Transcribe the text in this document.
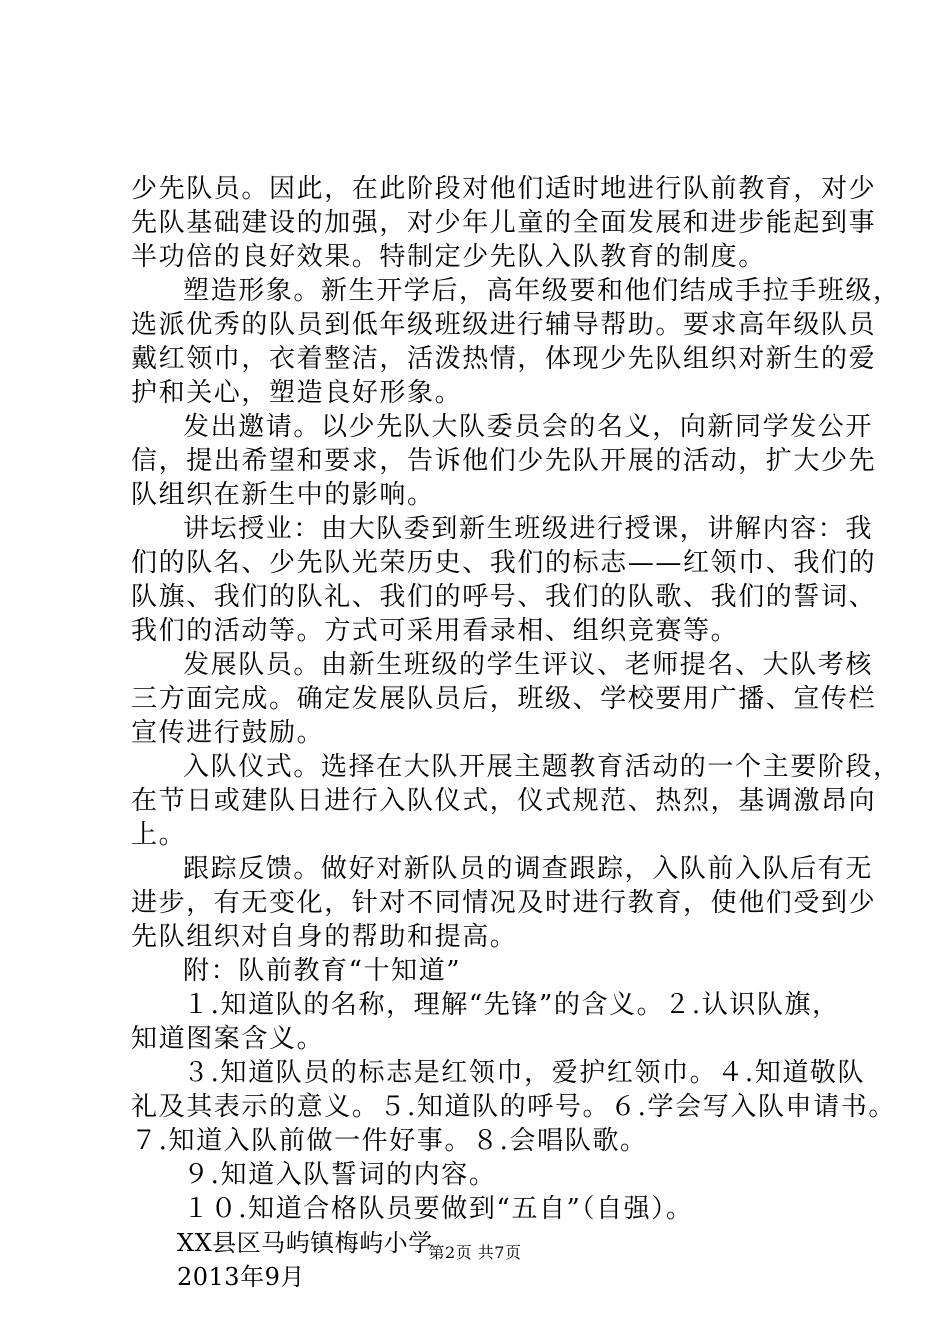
少先队员。因此，在此阶段对他们适时地进行队前教育，对少
先队基础建设的加强，对少年儿童的全面发展和进步能起到事
半功倍的良好效果。特制定少先队入队教育的制度。
塑造形象。新生开学后，高年级要和他们结成手拉手班级，
选派优秀的队员到低年级班级进行辅导帮助。要求高年级队员
戴红领巾，衣着整洁，活泼热情，体现少先队组织对新生的爱
护和关心，塑造良好形象。
发出邀请。以少先队大队委员会的名义，向新同学发公开
信，提出希望和要求，告诉他们少先队开展的活动，扩大少先
队组织在新生中的影响。
讲坛授业：由大队委到新生班级进行授课，讲解内容：我
们的队名、少先队光荣历史、我们的标志——红领巾、我们的
队旗、我们的队礼、我们的呼号、我们的队歌、我们的誓词、
我们的活动等。方式可采用看录相、组织竞赛等。
发展队员。由新生班级的学生评议、老师提名、大队考核
三方面完成。确定发展队员后，班级、学校要用广播、宣传栏
宣传进行鼓励。
入队仪式。选择在大队开展主题教育活动的一个主要阶段，
在节日或建队日进行入队仪式，仪式规范、热烈，基调激昂向
上。
跟踪反馈。做好对新队员的调查跟踪，入队前入队后有无
进步，有无变化，针对不同情况及时进行教育，使他们受到少
先队组织对自身的帮助和提高。
附：队前教育“十知道”
１.知道队的名称，理解“先锋”的含义。２.认识队旗，
知道图案含义。
３.知道队员的标志是红领巾，爱护红领巾。４.知道敬队
礼及其表示的意义。５.知道队的呼号。６.学会写入队申请书。
７.知道入队前做一件好事。８.会唱队歌。
９.知道入队誓词的内容。
１０.知道合格队员要做到“五自”（自强）。
XX县区马屿镇梅屿小学
2013年9月
第2页 共7页
